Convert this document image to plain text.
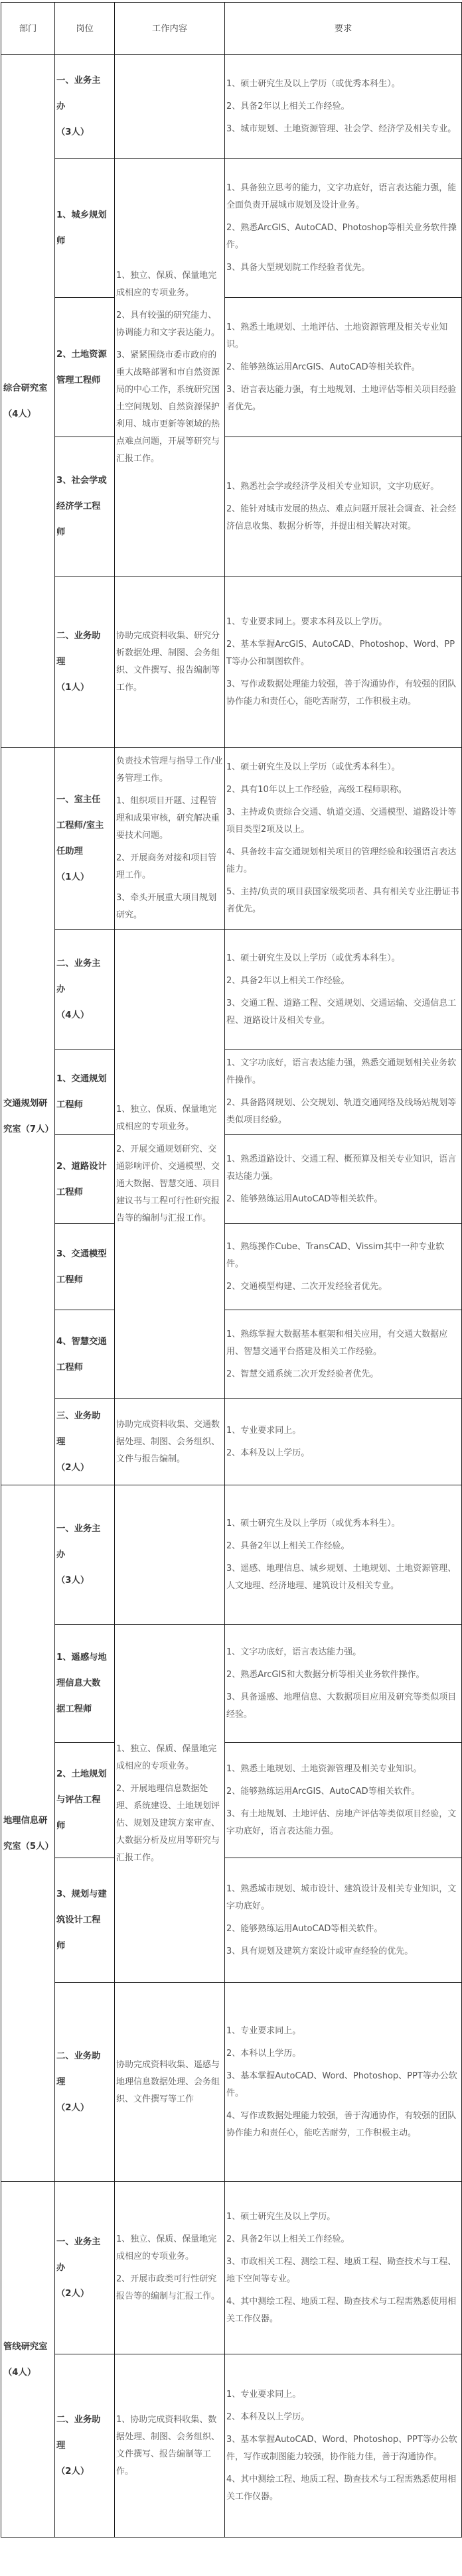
部门	岗位	工作内容	要求

综合研究室
（4人）	一、业务主
办
（3人）		1、硕士研究生及以上学历（或优秀本科生）。
2、具备2年以上相关工作经验。
3、城市规划、土地资源管理、社会学、经济学及相关专业。

	1、城乡规划
师	1、独立、保质、保量地完成相应的专项业务。
2、具有较强的研究能力、协调能力和文字表达能力。
3、紧紧围绕市委市政府的重大战略部署和市自然资源局的中心工作，系统研究国土空间规划、自然资源保护利用、城市更新等领域的热点难点问题，开展等研究与汇报工作。	1、具备独立思考的能力，文字功底好，语言表达能力强，能全面负责开展城市规划及设计业务。
2、熟悉ArcGIS、AutoCAD、Photoshop等相关业务软件操作。
3、具备大型规划院工作经验者优先。

	2、土地资源
管理工程师		1、熟悉土地规划、土地评估、土地资源管理及相关专业知识。
2、能够熟练运用ArcGIS、AutoCAD等相关软件。
3、语言表达能力强，有土地规划、土地评估等相关项目经验者优先。

	3、社会学或
经济学工程
师		1、熟悉社会学或经济学及相关专业知识，文字功底好。
2、能针对城市发展的热点、难点问题开展社会调查、社会经济信息收集、数据分析等，并提出相关解决对策。

	二、业务助
理
（1人）	协助完成资料收集、研究分析数据处理、制图、会务组织、文件撰写、报告编制等工作。	1、专业要求同上。要求本科及以上学历。
2、基本掌握ArcGIS、AutoCAD、Photoshop、Word、PPT等办公和制图软件。
3、写作或数据处理能力较强，善于沟通协作，有较强的团队协作能力和责任心，能吃苦耐劳，工作积极主动。

交通规划研究室（7人）	一、室主任
工程师/室主
任助理
（1人）	负责技术管理与指导工作/业务管理工作。
1、组织项目开题、过程管理和成果审核，研究解决重要技术问题。
2、开展商务对接和项目管理工作。
3、牵头开展重大项目规划研究。	1、硕士研究生及以上学历（或优秀本科生）。
2、具有10年以上工作经验，高级工程师职称。
3、主持或负责综合交通、轨道交通、交通模型、道路设计等项目类型2项及以上。
4、具备较丰富交通规划相关项目的管理经验和较强语言表达能力。
5、主持/负责的项目获国家级奖项者、具有相关专业注册证书者优先。

	二、业务主
办
（4人）	1、独立、保质、保量地完成相应的专项业务。
2、开展交通规划研究、交通影响评价、交通模型、交通大数据、智慧交通、项目建议书与工程可行性研究报告等的编制与汇报工作。	1、硕士研究生及以上学历（或优秀本科生）。
2、具备2年以上相关工作经验。
3、交通工程、道路工程、交通规划、交通运输、交通信息工程、道路设计及相关专业。

	1、交通规划
工程师		1、文字功底好，语言表达能力强，熟悉交通规划相关业务软件操作。
2、具备路网规划、公交规划、轨道交通网络及线场站规划等类似项目经验。

	2、道路设计
工程师		1、熟悉道路设计、交通工程、概预算及相关专业知识，语言表达能力强。
2、能够熟练运用AutoCAD等相关软件。

	3、交通模型
工程师		1、熟练操作Cube、TransCAD、Vissim其中一种专业软件。
2、交通模型构建、二次开发经验者优先。

	4、智慧交通
工程师		1、熟练掌握大数据基本框架和相关应用，有交通大数据应用、智慧交通平台搭建及相关工作经验。
2、智慧交通系统二次开发经验者优先。

	三、业务助
理
（2人）	协助完成资料收集、交通数据处理、制图、会务组织、文件与报告编制。	1、专业要求同上。
2、本科及以上学历。

地理信息研究室（5人）	一、业务主
办
（3人）		1、硕士研究生及以上学历（或优秀本科生）。
2、具备2年以上相关工作经验。
3、遥感、地理信息、城乡规划、土地规划、土地资源管理、人文地理、经济地理、建筑设计及相关专业。

	1、遥感与地
理信息大数
据工程师	1、独立、保质、保量地完成相应的专项业务。
2、开展地理信息数据处理、系统建设、土地规划评估、规划及建筑方案审查、大数据分析及应用等研究与汇报工作。	1、文字功底好，语言表达能力强。
2、熟悉ArcGIS和大数据分析等相关业务软件操作。
3、具备遥感、地理信息、大数据项目应用及研究等类似项目经验。

	2、土地规划
与评估工程
师		1、熟悉土地规划、土地资源管理及相关专业知识。
2、能够熟练运用ArcGIS、AutoCAD等相关软件。
3、有土地规划、土地评估、房地产评估等类似项目经验，文字功底好，语言表达能力强。

	3、规划与建
筑设计工程
师		1、熟悉城市规划、城市设计、建筑设计及相关专业知识，文字功底好。
2、能够熟练运用AutoCAD等相关软件。
3、具有规划及建筑方案设计或审查经验的优先。

	二、业务助
理
（2人）	协助完成资料收集、遥感与地理信息数据处理、会务组织、文件撰写等工作	1、专业要求同上。
2、本科以上学历。
3、基本掌握AutoCAD、Word、Photoshop、PPT等办公软件。
4、写作或数据处理能力较强，善于沟通协作，有较强的团队协作能力和责任心，能吃苦耐劳，工作积极主动。

管线研究室
（4人）	一、业务主
办
（2人）	1、独立、保质、保量地完成相应的专项业务。
2、开展市政类可行性研究报告等的编制与汇报工作。	1、硕士研究生及以上学历。
2、具备2年以上相关工作经验。
3、市政相关工程、测绘工程、地质工程、勘查技术与工程、地下空间等专业。
4、其中测绘工程、地质工程、勘查技术与工程需熟悉使用相关工作仪器。

	二、业务助
理
（2人）	1、协助完成资料收集、数据处理、制图、会务组织、文件撰写、报告编制等工作。	1、专业要求同上。
2、本科及以上学历。
3、基本掌握AutoCAD、Word、Photoshop、PPT等办公软件，写作或制图能力较强，协作能力佳，善于沟通协作。
4、其中测绘工程、地质工程、勘查技术与工程需熟悉使用相关工作仪器。
